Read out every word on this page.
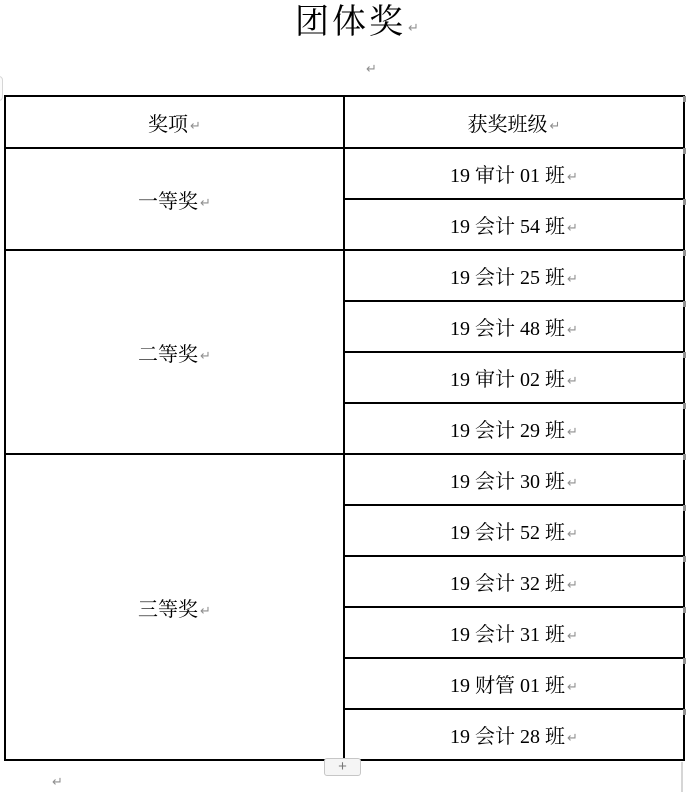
团体奖 ↵
↵
奖项 ↵	获奖班级 ↵
一等奖 ↵	19 审计 01 班 ↵
	19 会计 54 班 ↵
二等奖 ↵	19 会计 25 班 ↵
	19 会计 48 班 ↵
	19 审计 02 班 ↵
	19 会计 29 班 ↵
三等奖 ↵	19 会计 30 班 ↵
	19 会计 52 班 ↵
	19 会计 32 班 ↵
	19 会计 31 班 ↵
	19 财管 01 班 ↵
	19 会计 28 班 ↵
+
↵
